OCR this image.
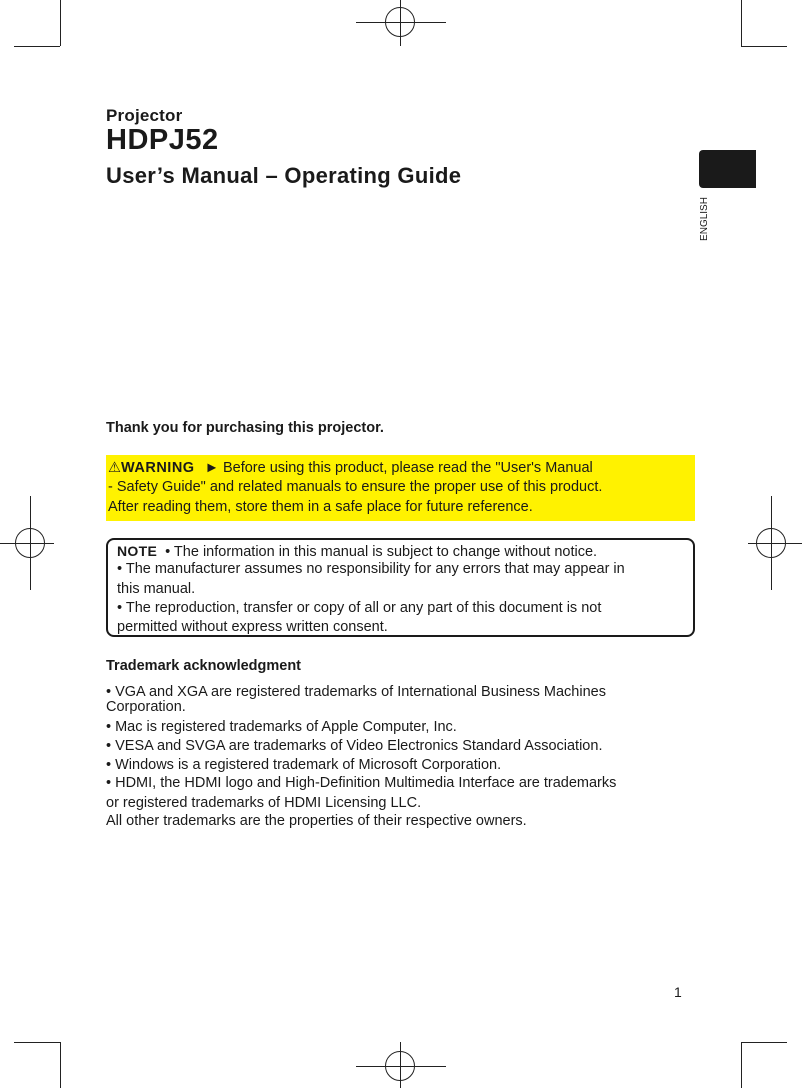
Projector
HDPJ52
User’s Manual – Operating Guide
ENGLISH
Thank you for purchasing this projector.
⚠WARNING ► Before using this product, please read the "User's Manual
- Safety Guide" and related manuals to ensure the proper use of this product.
After reading them, store them in a safe place for future reference.
NOTE • The information in this manual is subject to change without notice.
• The manufacturer assumes no responsibility for any errors that may appear in
this manual.
• The reproduction, transfer or copy of all or any part of this document is not
permitted without express written consent.
Trademark acknowledgment
• VGA and XGA are registered trademarks of International Business Machines
Corporation.
• Mac is registered trademarks of Apple Computer, Inc.
• VESA and SVGA are trademarks of Video Electronics Standard Association.
• Windows is a registered trademark of Microsoft Corporation.
• HDMI, the HDMI logo and High-Definition Multimedia Interface are trademarks
or registered trademarks of HDMI Licensing LLC.
All other trademarks are the properties of their respective owners.
1
